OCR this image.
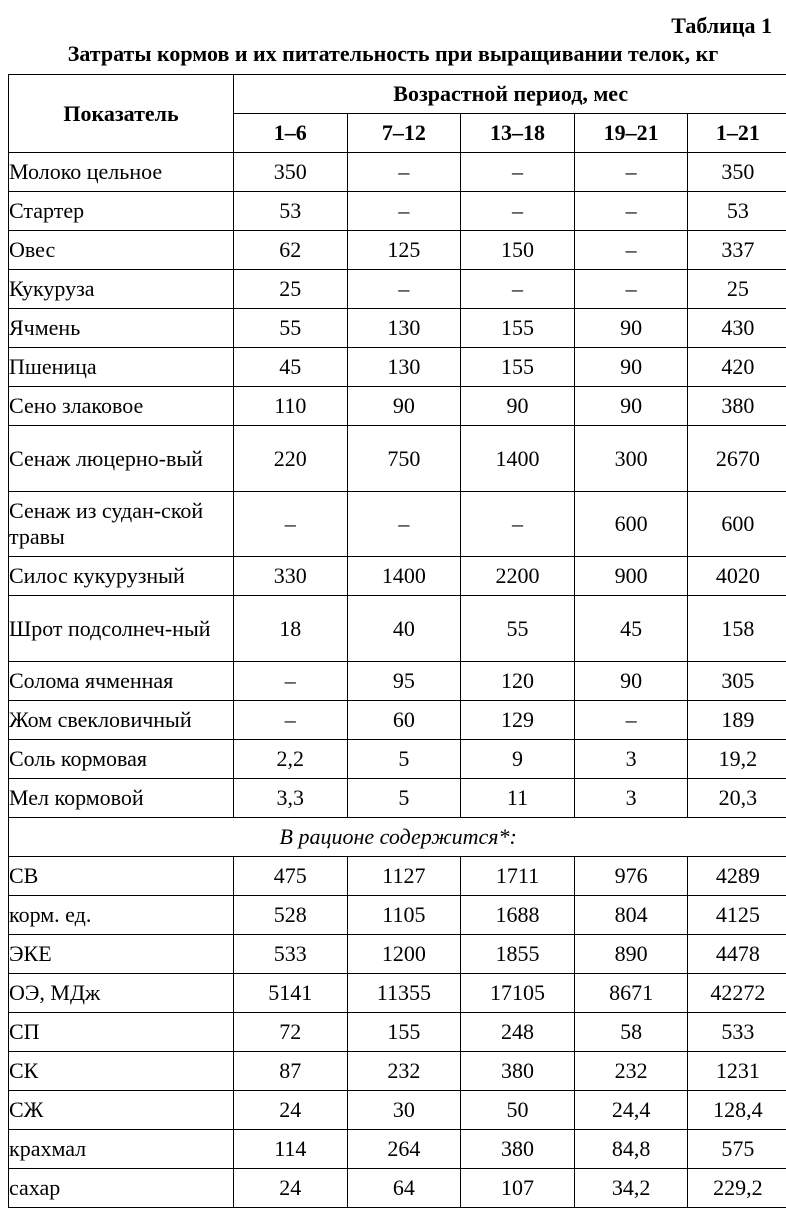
Таблица 1
Затраты кормов и их питательность при выращивании телок, кг
Показатель	Возрастной период, мес				
	1–6	7–12	13–18	19–21	1–21
Молоко цельное	350	–	–	–	350
Стартер	53	–	–	–	53
Овес	62	125	150	–	337
Кукуруза	25	–	–	–	25
Ячмень	55	130	155	90	430
Пшеница	45	130	155	90	420
Сено злаковое	110	90	90	90	380
Сенаж люцерно-вый	220	750	1400	300	2670
Сенаж из судан-ской травы	–	–	–	600	600
Силос кукурузный	330	1400	2200	900	4020
Шрот подсолнеч-ный	18	40	55	45	158
Солома ячменная	–	95	120	90	305
Жом свекловичный	–	60	129	–	189
Соль кормовая	2,2	5	9	3	19,2
Мел кормовой	3,3	5	11	3	20,3
В рационе содержится*:					
СВ	475	1127	1711	976	4289
корм. ед.	528	1105	1688	804	4125
ЭКЕ	533	1200	1855	890	4478
ОЭ, МДж	5141	11355	17105	8671	42272
СП	72	155	248	58	533
СК	87	232	380	232	1231
СЖ	24	30	50	24,4	128,4
крахмал	114	264	380	84,8	575
сахар	24	64	107	34,2	229,2
